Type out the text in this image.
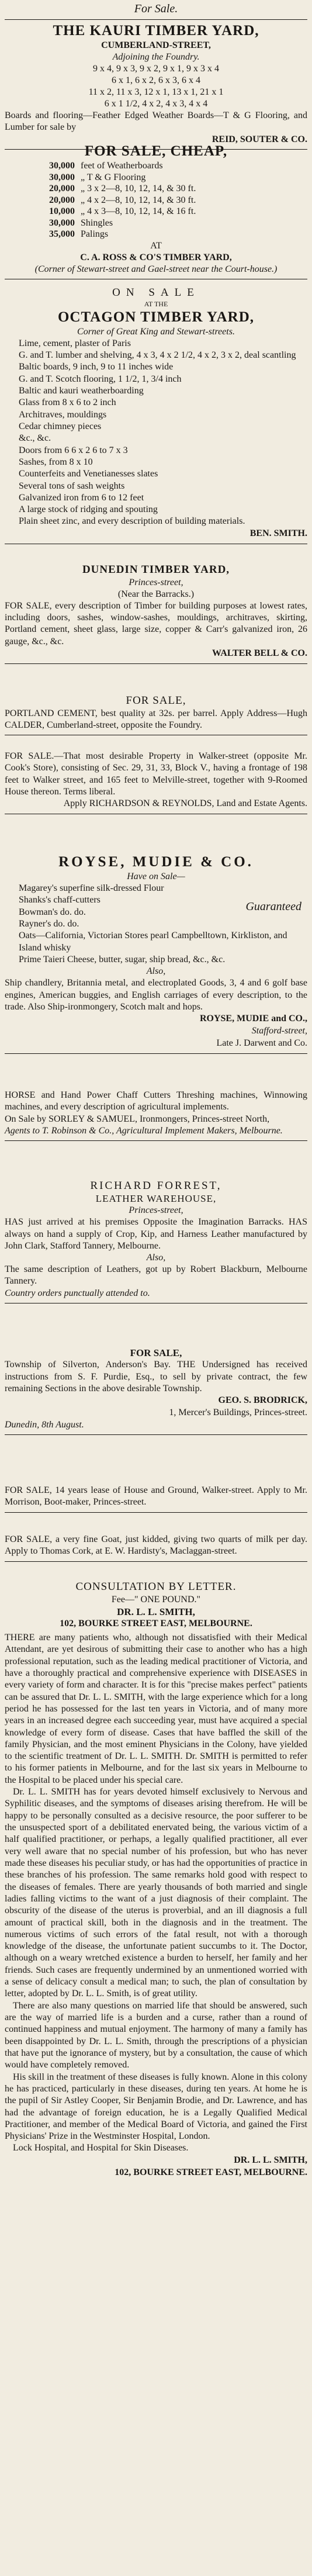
For Sale.
THE KAURI TIMBER YARD,
CUMBERLAND-STREET,
Adjoining the Foundry.
9 x 4, 9 x 3, 9 x 2, 9 x 1, 9 x 3 x 4
6 x 1, 6 x 2, 6 x 3, 6 x 4
11 x 2, 11 x 3, 12 x 1, 13 x 1, 21 x 1
6 x 1 1/2, 4 x 2, 4 x 3, 4 x 4
Boards and flooring—Feather Edged Weather Boards—T & G Flooring, and Lumber for sale by
REID, SOUTER & CO.
FOR SALE, CHEAP,
30,000 feet of Weatherboards
30,000 „ T & G Flooring
20,000 „ 3 x 2—8, 10, 12, 14, & 30 ft.
20,000 „ 4 x 2—8, 10, 12, 14, & 30 ft.
10,000 „ 4 x 3—8, 10, 12, 14, & 16 ft.
30,000 Shingles
35,000 Palings
AT
C. A. ROSS & CO'S TIMBER YARD,
(Corner of Stewart-street and Gael-street near the Court-house.)
ON SALE
AT THE
OCTAGON TIMBER YARD,
Corner of Great King and Stewart-streets.
Lime, cement, plaster of Paris
G. and T. lumber and shelving, 4 x 3, 4 x 2 1/2, 4 x 2, 3 x 2, deal scantling
Baltic boards, 9 inch, 9 to 11 inches wide
G. and T. Scotch flooring, 1 1/2, 1, 3/4 inch
Baltic and kauri weatherboarding
Glass from 8 x 6 to 2 inch
Architraves, mouldings
Cedar chimney pieces
&c., &c.
Doors from 6 6 x 2 6 to 7 x 3
Sashes, from 8 x 10
Counterfeits and Venetianesses slates
Several tons of sash weights
Galvanized iron from 6 to 12 feet
A large stock of ridging and spouting
Plain sheet zinc, and every description of building materials.
BEN. SMITH.
DUNEDIN TIMBER YARD,
Princes-street,
(Near the Barracks.)
FOR SALE, every description of Timber for building purposes at lowest rates, including doors, sashes, window-sashes, mouldings, architraves, skirting, Portland cement, sheet glass, large size, copper & Carr's galvanized iron, 26 gauge, &c., &c.
WALTER BELL & CO.
FOR SALE,
PORTLAND CEMENT, best quality at 32s. per barrel. Apply Address—Hugh CALDER, Cumberland-street, opposite the Foundry.
FOR SALE.—That most desirable Property in Walker-street (opposite Mr. Cook's Store), consisting of Sec. 29, 31, 33, Block V., having a frontage of 198 feet to Walker street, and 165 feet to Melville-street, together with 9-Roomed House thereon. Terms liberal.
Apply RICHARDSON & REYNOLDS, Land and Estate Agents.
ROYSE, MUDIE & CO.
Have on Sale—
Magarey's superfine silk-dressed Flour
Shanks's chaff-cutters
Bowman's do. do.
Rayner's do. do.
Guaranteed
Oats—California, Victorian Stores pearl Campbelltown, Kirkliston, and Island whisky
Prime Taieri Cheese, butter, sugar, ship bread, &c., &c.
Also,
Ship chandlery, Britannia metal, and electroplated Goods, 3, 4 and 6 golf base engines, American buggies, and English carriages of every description, to the trade. Also Ship-ironmongery, Scotch malt and hops.
ROYSE, MUDIE and CO.,
Stafford-street,
Late J. Darwent and Co.
HORSE and Hand Power Chaff Cutters Threshing machines, Winnowing machines, and every description of agricultural implements.
On Sale by SORLEY & SAMUEL, Ironmongers, Princes-street North,
Agents to T. Robinson & Co., Agricultural Implement Makers, Melbourne.
RICHARD FORREST,
LEATHER WAREHOUSE,
Princes-street,
HAS just arrived at his premises Opposite the Imagination Barracks. HAS always on hand a supply of Crop, Kip, and Harness Leather manufactured by John Clark, Stafford Tannery, Melbourne.
Also,
The same description of Leathers, got up by Robert Blackburn, Melbourne Tannery.
Country orders punctually attended to.
FOR SALE,
Township of Silverton, Anderson's Bay. THE Undersigned has received instructions from S. F. Purdie, Esq., to sell by private contract, the few remaining Sections in the above desirable Township.
GEO. S. BRODRICK,
1, Mercer's Buildings, Princes-street.
Dunedin, 8th August.
FOR SALE, 14 years lease of House and Ground, Walker-street. Apply to Mr. Morrison, Boot-maker, Princes-street.
FOR SALE, a very fine Goat, just kidded, giving two quarts of milk per day. Apply to Thomas Cork, at E. W. Hardisty's, Maclaggan-street.
CONSULTATION BY LETTER.
Fee—" ONE POUND."
DR. L. L. SMITH,
102, BOURKE STREET EAST, MELBOURNE.
THERE are many patients who, although not dissatisfied with their Medical Attendant, are yet desirous of submitting their case to another who has a high professional reputation, such as the leading medical practitioner of Victoria, and have a thoroughly practical and comprehensive experience with DISEASES in every variety of form and character. It is for this "precise makes perfect" patients can be assured that Dr. L. L. SMITH, with the large experience which for a long period he has possessed for the last ten years in Victoria, and of many more years in an increased degree each succeeding year, must have acquired a special knowledge of every form of disease. Cases that have baffled the skill of the family Physician, and the most eminent Physicians in the Colony, have yielded to the scientific treatment of Dr. L. L. SMITH. Dr. SMITH is permitted to refer to his former patients in Melbourne, and for the last six years in Melbourne to the Hospital to be placed under his special care.
Dr. L. L. SMITH has for years devoted himself exclusively to Nervous and Syphilitic diseases, and the symptoms of diseases arising therefrom. He will be happy to be personally consulted as a decisive resource, the poor sufferer to be the unsuspected sport of a debilitated enervated being, the various victim of a half qualified practitioner, or perhaps, a legally qualified practitioner, all ever very well aware that no special number of his profession, but who has never made these diseases his peculiar study, or has had the opportunities of practice in these branches of his profession. The same remarks hold good with respect to the diseases of females. There are yearly thousands of both married and single ladies falling victims to the want of a just diagnosis of their complaint. The obscurity of the disease of the uterus is proverbial, and an ill diagnosis a full amount of practical skill, both in the diagnosis and in the treatment. The numerous victims of such errors of the fatal result, not with a thorough knowledge of the disease, the unfortunate patient succumbs to it. The Doctor, although on a weary wretched existence a burden to herself, her family and her friends. Such cases are frequently undermined by an unmentioned worried with a sense of delicacy consult a medical man; to such, the plan of consultation by letter, adopted by Dr. L. L. Smith, is of great utility.
There are also many questions on married life that should be answered, such are the way of married life is a burden and a curse, rather than a round of continued happiness and mutual enjoyment. The harmony of many a family has been disappointed by Dr. L. L. Smith, through the prescriptions of a physician that have put the ignorance of mystery, but by a consultation, the cause of which would have completely removed.
His skill in the treatment of these diseases is fully known. Alone in this colony he has practiced, particularly in these diseases, during ten years. At home he is the pupil of Sir Astley Cooper, Sir Benjamin Brodie, and Dr. Lawrence, and has had the advantage of foreign education, he is a Legally Qualified Medical Practitioner, and member of the Medical Board of Victoria, and gained the First Physicians' Prize in the Westminster Hospital, London.
Lock Hospital, and Hospital for Skin Diseases.
DR. L. L. SMITH,
102, BOURKE STREET EAST, MELBOURNE.
